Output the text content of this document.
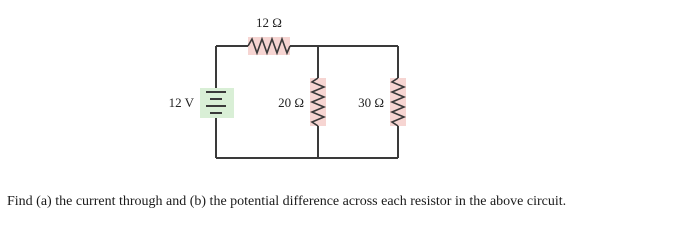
12 V
12 Ω
20 Ω	30 Ω

Find (a) the current through and (b) the potential difference across each resistor in the above circuit.
